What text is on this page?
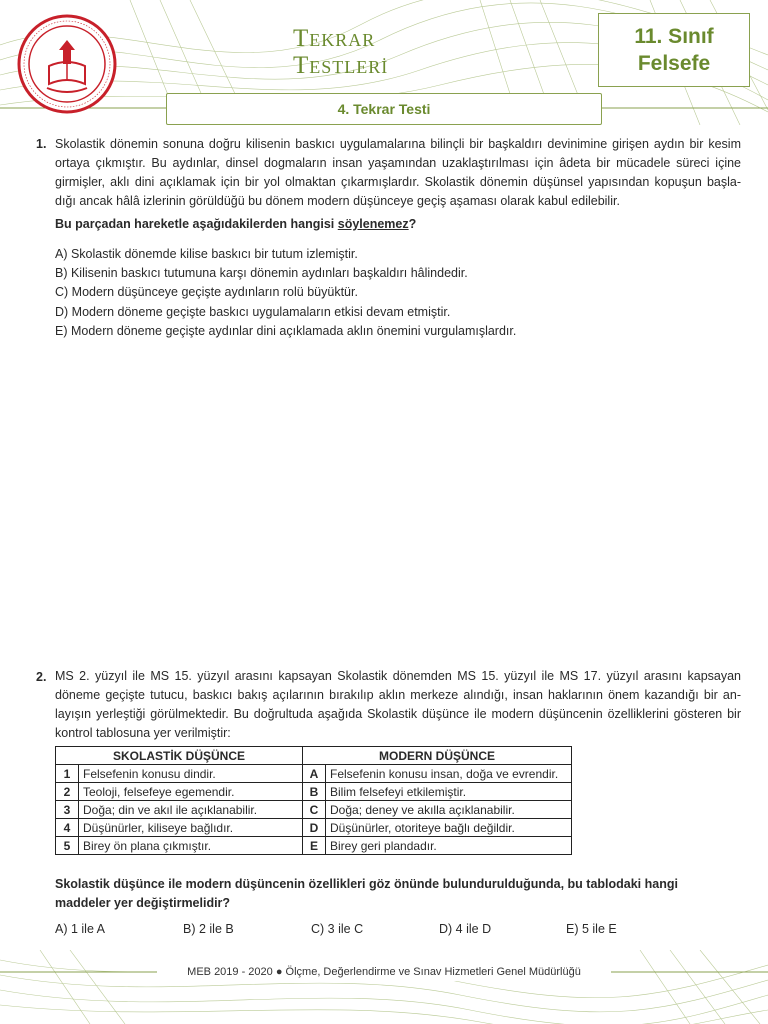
TEKRAR
TESTLERİ
11. Sınıf
Felsefe
4. Tekrar Testi
1. Skolastik dönemin sonuna doğru kilisenin baskıcı uygulamalarına bilinçli bir başkaldırı devinimine girişen aydın bir kesim
ortaya çıkmıştır. Bu aydınlar, dinsel dogmaların insan yaşamından uzaklaştırılması için âdeta bir mücadele süreci içine
girmişler, aklı dini açıklamak için bir yol olmaktan çıkarmışlardır. Skolastik dönemin düşünsel yapısından kopuşun başla-
dığı ancak hâlâ izlerinin görüldüğü bu dönem modern düşünceye geçiş aşaması olarak kabul edilebilir.
Bu parçadan hareketle aşağıdakilerden hangisi söylenemez?
A) Skolastik dönemde kilise baskıcı bir tutum izlemiştir.
B) Kilisenin baskıcı tutumuna karşı dönemin aydınları başkaldırı hâlindedir.
C) Modern düşünceye geçişte aydınların rolü büyüktür.
D) Modern döneme geçişte baskıcı uygulamaların etkisi devam etmiştir.
E) Modern döneme geçişte aydınlar dini açıklamada aklın önemini vurgulamışlardır.
2. MS 2. yüzyıl ile MS 15. yüzyıl arasını kapsayan Skolastik dönemden MS 15. yüzyıl ile MS 17. yüzyıl arasını kapsayan
döneme geçişte tutucu, baskıcı bakış açılarının bırakılıp aklın merkeze alındığı, insan haklarının önem kazandığı bir an-
layışın yerleştiği görülmektedir. Bu doğrultuda aşağıda Skolastik düşünce ile modern düşüncenin özelliklerini gösteren bir
kontrol tablosuna yer verilmiştir:
SKOLASTİK DÜŞÜNCE		MODERN DÜŞÜNCE	
1	Felsefenin konusu dindir.	A	Felsefenin konusu insan, doğa ve evrendir.
2	Teoloji, felsefeye egemendir.	B	Bilim felsefeyi etkilemiştir.
3	Doğa; din ve akıl ile açıklanabilir.	C	Doğa; deney ve akılla açıklanabilir.
4	Düşünürler, kiliseye bağlıdır.	D	Düşünürler, otoriteye bağlı değildir.
5	Birey ön plana çıkmıştır.	E	Birey geri plandadır.
Skolastik düşünce ile modern düşüncenin özellikleri göz önünde bulundurulduğunda, bu tablodaki hangi
maddeler yer değiştirmelidir?
A) 1 ile A	B) 2 ile B	C) 3 ile C	D) 4 ile D	E) 5 ile E
MEB 2019 - 2020 ● Ölçme, Değerlendirme ve Sınav Hizmetleri Genel Müdürlüğü
